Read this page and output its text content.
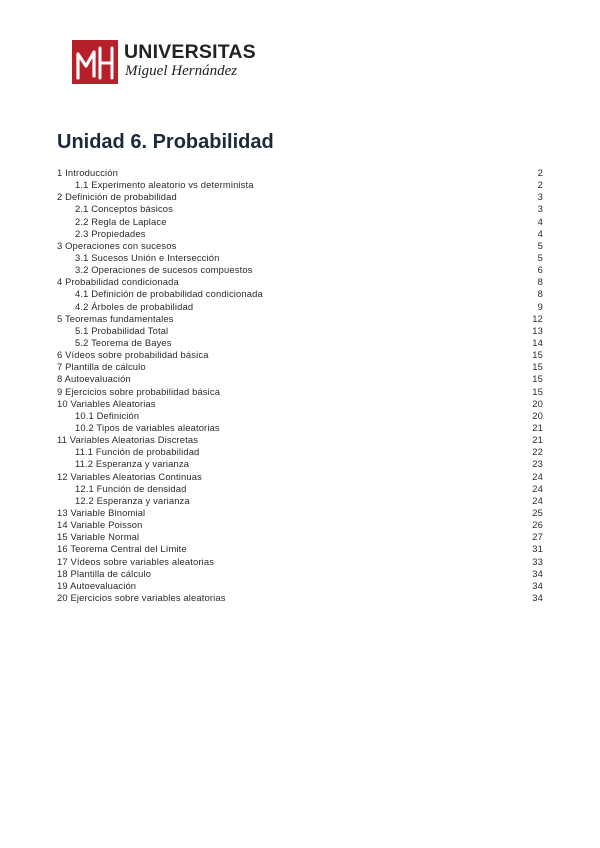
UNIVERSITAS
Miguel Hernández
Unidad 6. Probabilidad
1 Introducción	2
1.1 Experimento aleatorio vs determinista	2
2 Definición de probabilidad	3
2.1 Conceptos básicos	3
2.2 Regla de Laplace	4
2.3 Propiedades	4
3 Operaciones con sucesos	5
3.1 Sucesos Unión e Intersección	5
3.2 Operaciones de sucesos compuestos	6
4 Probabilidad condicionada	8
4.1 Definición de probabilidad condicionada	8
4.2 Árboles de probabilidad	9
5 Teoremas fundamentales	12
5.1 Probabilidad Total	13
5.2 Teorema de Bayes	14
6 Vídeos sobre probabilidad básica	15
7 Plantilla de cálculo	15
8 Autoevaluación	15
9 Ejercicios sobre probabilidad básica	15
10 Variables Aleatorias	20
10.1 Definición	20
10.2 Tipos de variables aleatorias	21
11 Variables Aleatorias Discretas	21
11.1 Función de probabilidad	22
11.2 Esperanza y varianza	23
12 Variables Aleatorias Continuas	24
12.1 Función de densidad	24
12.2 Esperanza y varianza	24
13 Variable Binomial	25
14 Variable Poisson	26
15 Variable Normal	27
16 Teorema Central del Límite	31
17 Vídeos sobre variables aleatorias	33
18 Plantilla de cálculo	34
19 Autoevaluación	34
20 Ejercicios sobre variables aleatorias	34
